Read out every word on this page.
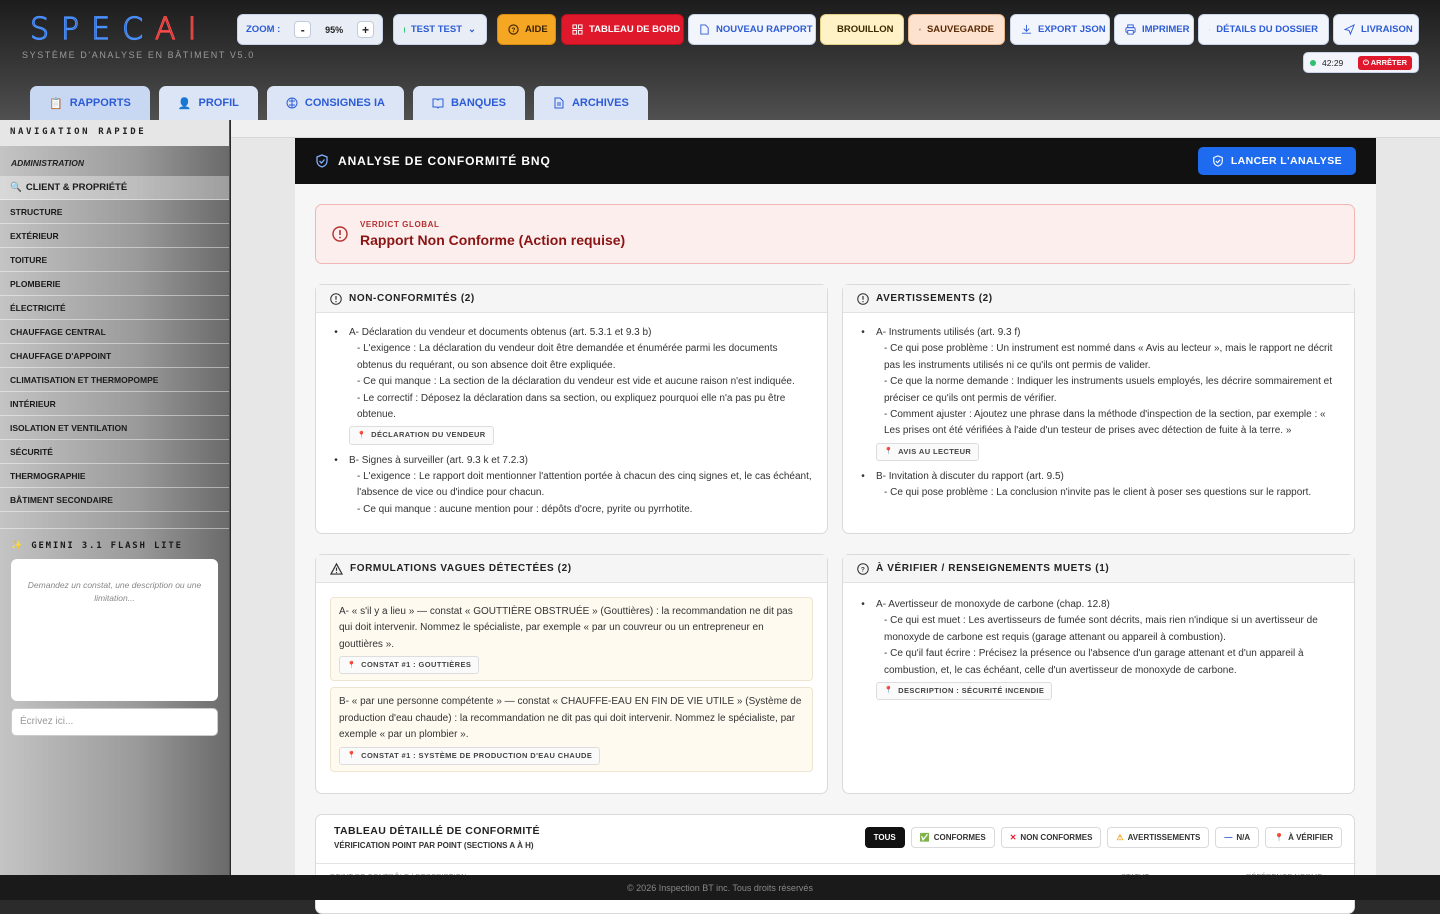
SPECAI
SYSTÈME D'ANALYSE EN BÂTIMENT V5.0
ZOOM :	-	95%	+	TEST TEST ⌄	? AIDE	TABLEAU DE BORD	NOUVEAU RAPPORT	BROUILLON	SAUVEGARDE	EXPORT JSON	IMPRIMER	DÉTAILS DU DOSSIER	LIVRAISON
42:29	⏻ ARRÊTER
📋 RAPPORTS	👤 PROFIL	CONSIGNES IA	BANQUES	ARCHIVES
NAVIGATION RAPIDE
ADMINISTRATION
🔍 CLIENT & PROPRIÉTÉ
STRUCTURE
EXTÉRIEUR
TOITURE
PLOMBERIE
ÉLECTRICITÉ
CHAUFFAGE CENTRAL
CHAUFFAGE D'APPOINT
CLIMATISATION ET THERMOPOMPE
INTÉRIEUR
ISOLATION ET VENTILATION
SÉCURITÉ
THERMOGRAPHIE
BÂTIMENT SECONDAIRE
✨ GEMINI 3.1 FLASH LITE
Demandez un constat, une description ou une limitation...
Écrivez ici...
ANALYSE DE CONFORMITÉ BNQ	LANCER L'ANALYSE
VERDICT GLOBAL
Rapport Non Conforme (Action requise)
NON-CONFORMITÉS (2)
•	A- Déclaration du vendeur et documents obtenus (art. 5.3.1 et 9.3 b)
- L'exigence : La déclaration du vendeur doit être demandée et énumérée parmi les documents obtenus du requérant, ou son absence doit être expliquée.
- Ce qui manque : La section de la déclaration du vendeur est vide et aucune raison n'est indiquée.
- Le correctif : Déposez la déclaration dans sa section, ou expliquez pourquoi elle n'a pas pu être obtenue.
📍 DÉCLARATION DU VENDEUR
•	B- Signes à surveiller (art. 9.3 k et 7.2.3)
- L'exigence : Le rapport doit mentionner l'attention portée à chacun des cinq signes et, le cas échéant, l'absence de vice ou d'indice pour chacun.
- Ce qui manque : aucune mention pour : dépôts d'ocre, pyrite ou pyrrhotite.
AVERTISSEMENTS (2)
•	A- Instruments utilisés (art. 9.3 f)
- Ce qui pose problème : Un instrument est nommé dans « Avis au lecteur », mais le rapport ne décrit pas les instruments utilisés ni ce qu'ils ont permis de valider.
- Ce que la norme demande : Indiquer les instruments usuels employés, les décrire sommairement et préciser ce qu'ils ont permis de vérifier.
- Comment ajuster : Ajoutez une phrase dans la méthode d'inspection de la section, par exemple : « Les prises ont été vérifiées à l'aide d'un testeur de prises avec détection de fuite à la terre. »
📍 AVIS AU LECTEUR
•	B- Invitation à discuter du rapport (art. 9.5)
- Ce qui pose problème : La conclusion n'invite pas le client à poser ses questions sur le rapport.
FORMULATIONS VAGUES DÉTECTÉES (2)
A- « s'il y a lieu » — constat « GOUTTIÈRE OBSTRUÉE » (Gouttières) : la recommandation ne dit pas qui doit intervenir. Nommez le spécialiste, par exemple « par un couvreur ou un entrepreneur en gouttières ».
📍 CONSTAT #1 : GOUTTIÈRES
B- « par une personne compétente » — constat « CHAUFFE-EAU EN FIN DE VIE UTILE » (Système de production d'eau chaude) : la recommandation ne dit pas qui doit intervenir. Nommez le spécialiste, par exemple « par un plombier ».
📍 CONSTAT #1 : SYSTÈME DE PRODUCTION D'EAU CHAUDE
? À VÉRIFIER / RENSEIGNEMENTS MUETS (1)
•	A- Avertisseur de monoxyde de carbone (chap. 12.8)
- Ce qui est muet : Les avertisseurs de fumée sont décrits, mais rien n'indique si un avertisseur de monoxyde de carbone est requis (garage attenant ou appareil à combustion).
- Ce qu'il faut écrire : Précisez la présence ou l'absence d'un garage attenant et d'un appareil à combustion, et, le cas échéant, celle d'un avertisseur de monoxyde de carbone.
📍 DESCRIPTION : SÉCURITÉ INCENDIE
TABLEAU DÉTAILLÉ DE CONFORMITÉ
VÉRIFICATION POINT PAR POINT (SECTIONS A À H)
TOUS	✅ CONFORMES	✕ NON CONFORMES	⚠ AVERTISSEMENTS	— N/A	📍 À VÉRIFIER
© 2026 Inspection BT inc. Tous droits réservés
